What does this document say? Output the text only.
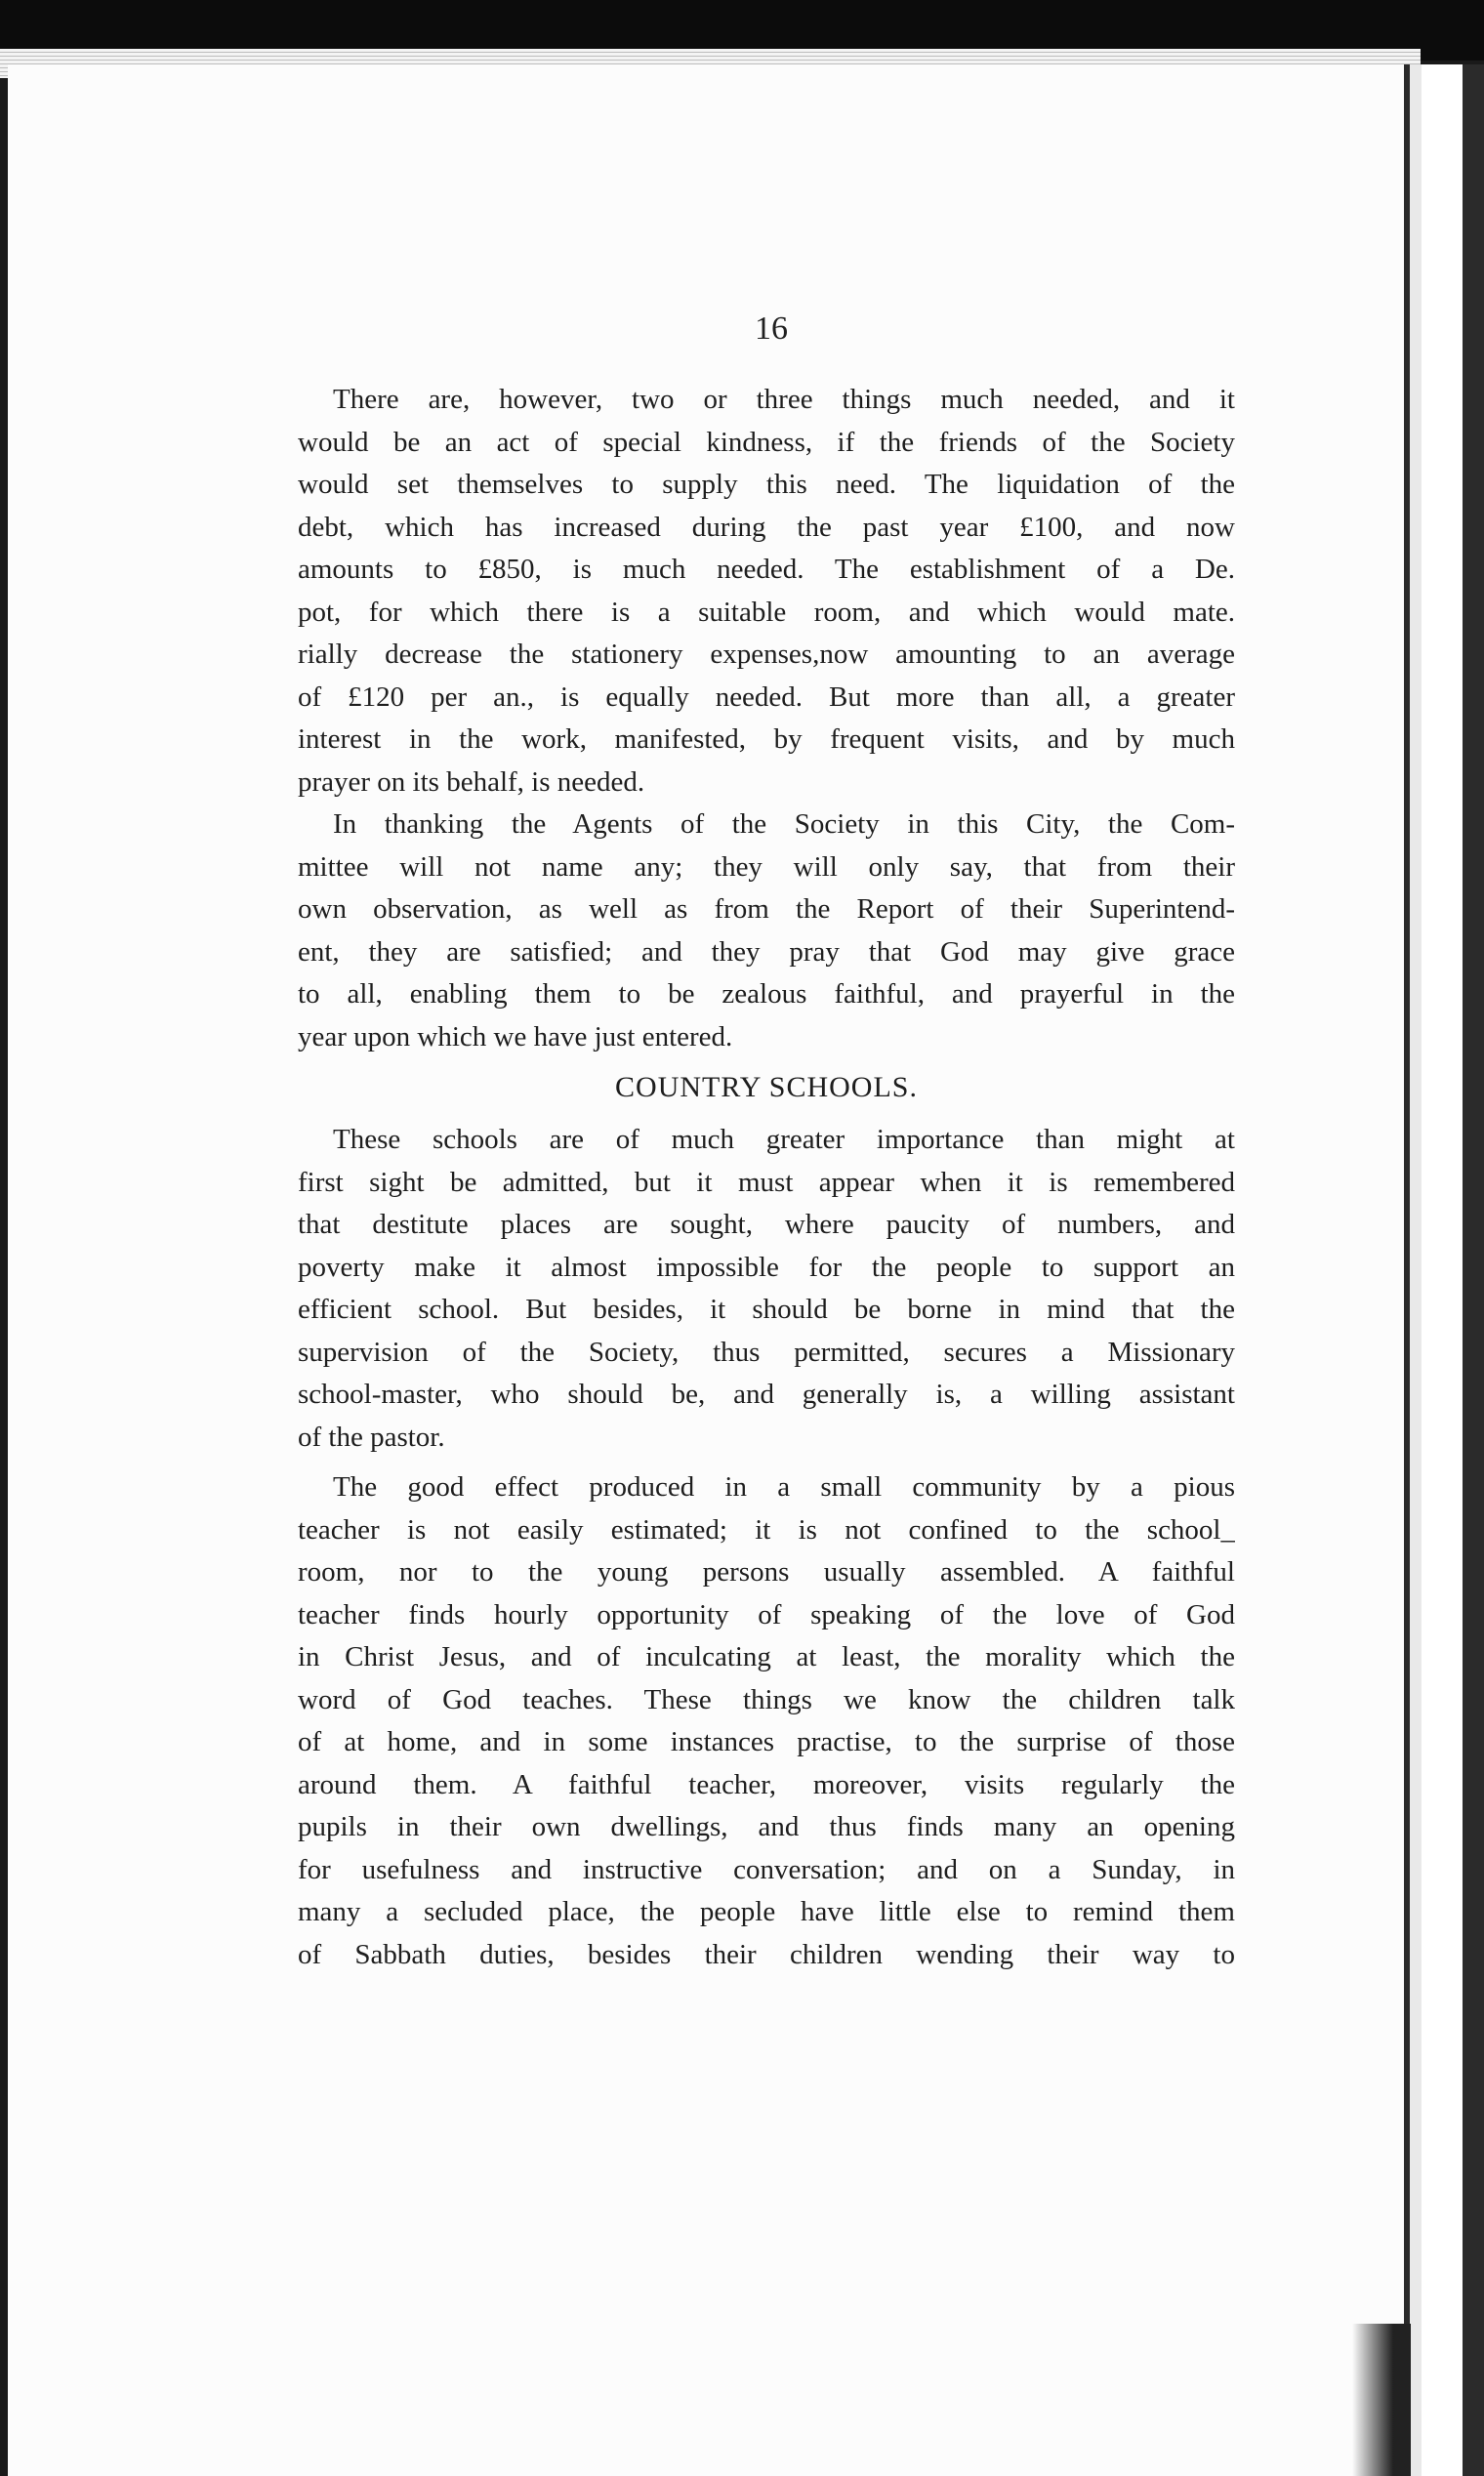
16
There are, however, two or three things much needed, and it
would be an act of special kindness, if the friends of the Society
would set themselves to supply this need. The liquidation of the
debt, which has increased during the past year £100, and now
amounts to £850, is much needed. The establishment of a De.
pot, for which there is a suitable room, and which would mate.
rially decrease the stationery expenses,now amounting to an average
of £120 per an., is equally needed. But more than all, a greater
interest in the work, manifested, by frequent visits, and by much
prayer on its behalf, is needed.
In thanking the Agents of the Society in this City, the Com-
mittee will not name any; they will only say, that from their
own observation, as well as from the Report of their Superintend-
ent, they are satisfied; and they pray that God may give grace
to all, enabling them to be zealous faithful, and prayerful in the
year upon which we have just entered.
COUNTRY SCHOOLS.
These schools are of much greater importance than might at
first sight be admitted, but it must appear when it is remembered
that destitute places are sought, where paucity of numbers, and
poverty make it almost impossible for the people to support an
efficient school. But besides, it should be borne in mind that the
supervision of the Society, thus permitted, secures a Missionary
school-master, who should be, and generally is, a willing assistant
of the pastor.
The good effect produced in a small community by a pious
teacher is not easily estimated; it is not confined to the school_
room, nor to the young persons usually assembled. A faithful
teacher finds hourly opportunity of speaking of the love of God
in Christ Jesus, and of inculcating at least, the morality which the
word of God teaches. These things we know the children talk
of at home, and in some instances practise, to the surprise of those
around them. A faithful teacher, moreover, visits regularly the
pupils in their own dwellings, and thus finds many an opening
for usefulness and instructive conversation; and on a Sunday, in
many a secluded place, the people have little else to remind them
of Sabbath duties, besides their children wending their way to
